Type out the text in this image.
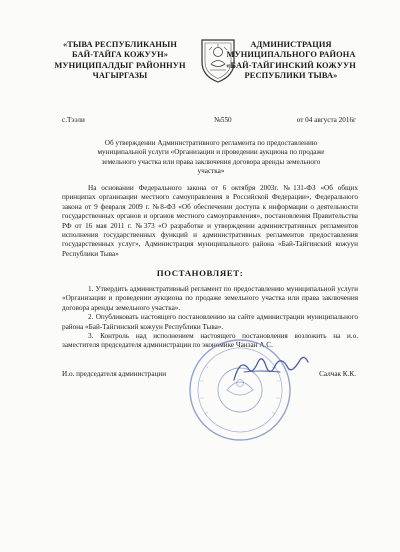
«ТЫВА РЕСПУБЛИКАНЫН
БАЙ-ТАЙГА КОЖУУН»
МУНИЦИПАЛДЫГ РАЙОННУН
ЧАГЫРГАЗЫ
АДМИНИСТРАЦИЯ
МУНИЦИПАЛЬНОГО РАЙОНА
«БАЙ-ТАЙГИНСКИЙ КОЖУУН
РЕСПУБЛИКИ ТЫВА»
с.Тээли	№550	от 04 августа 2016г
Об утверждении Административного регламента по предоставлению муниципальной услуги «Организации и проведении аукциона по продаже земельного участка или права заключения договора аренды земельного участка»
На основании Федерального закона от 6 октября 2003г. №131-ФЗ «Об общих принципах организации местного самоуправления в Российской Федерации», Федерального закона от 9 февраля 2009 г. №8-ФЗ «Об обеспечении доступа к информации о деятельности государственных органов и органов местного самоуправления», постановления Правительства РФ от 16 мая 2011 г. №373 «О разработке и утверждении административных регламентов исполнения государственных функций и административных регламентов предоставления государственных услуг», Администрация муниципального района «Бай-Тайгинский кожуун Республики Тыва»
ПОСТАНОВЛЯЕТ:
1. Утвердить административный регламент по предоставлению муниципальной услуги «Организации и проведении аукциона по продаже земельного участка или права заключения договора аренды земельного участка».
2. Опубликовать настоящего постановлению на сайте администрации муниципального района «Бай-Тайгинский кожуун Республики Тыва».
3. Контроль над исполнением настоящего постановления возложить на и.о. заместителя председателя администрации по экономике Чанзан А.С.
И.о. председателя администрации	Салчак К.К.
